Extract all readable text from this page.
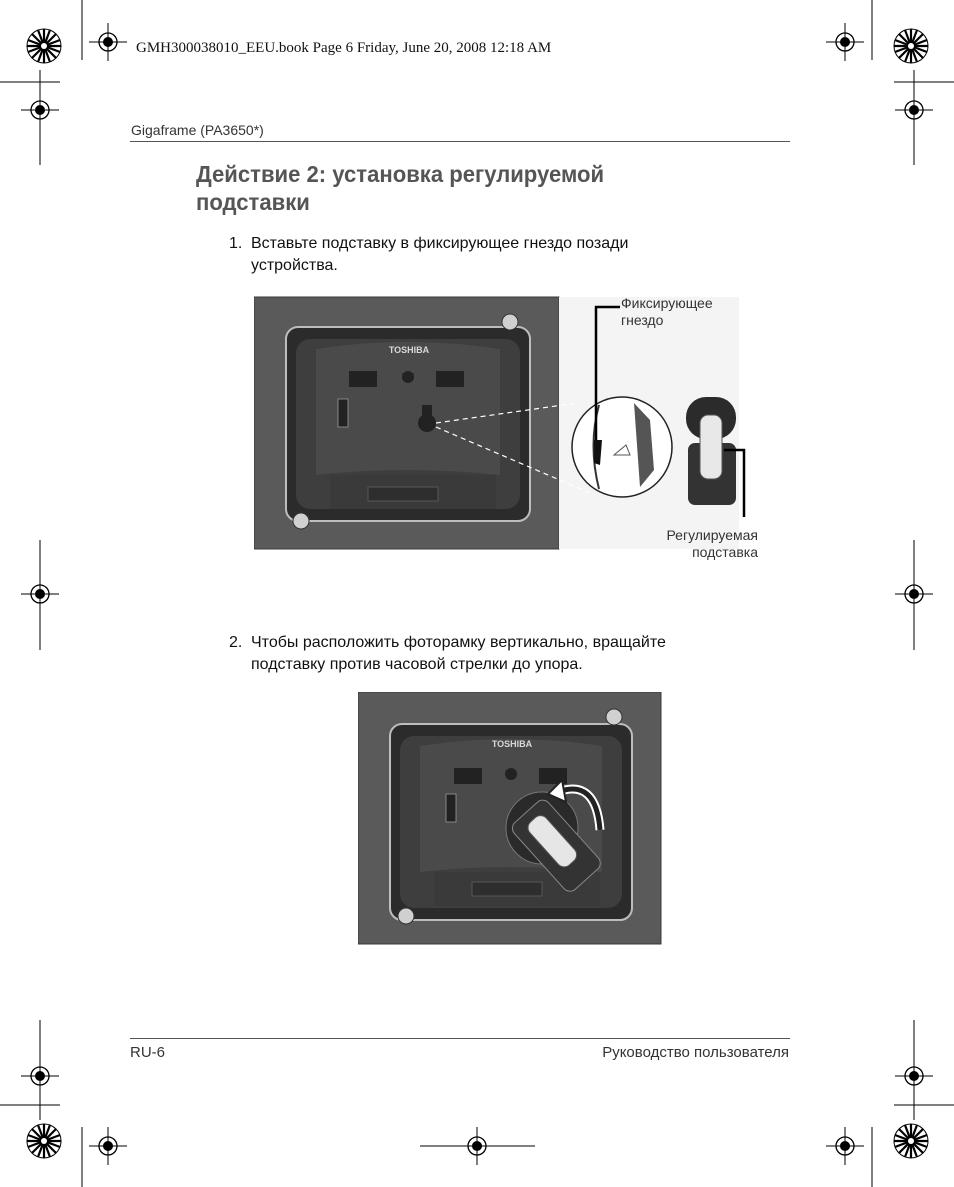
GMH300038010_EEU.book Page 6 Friday, June 20, 2008 12:18 AM
Gigaframe (PA3650*)
Действие 2: установка регулируемой
подставки
1. Вставьте подставку в фиксирующее гнездо позади
устройства.
TOSHIBA
Фиксирующее
гнездо
Регулируемая
подставка
2. Чтобы расположить фоторамку вертикально, вращайте
подставку против часовой стрелки до упора.
TOSHIBA
RU-6	Руководство пользователя
